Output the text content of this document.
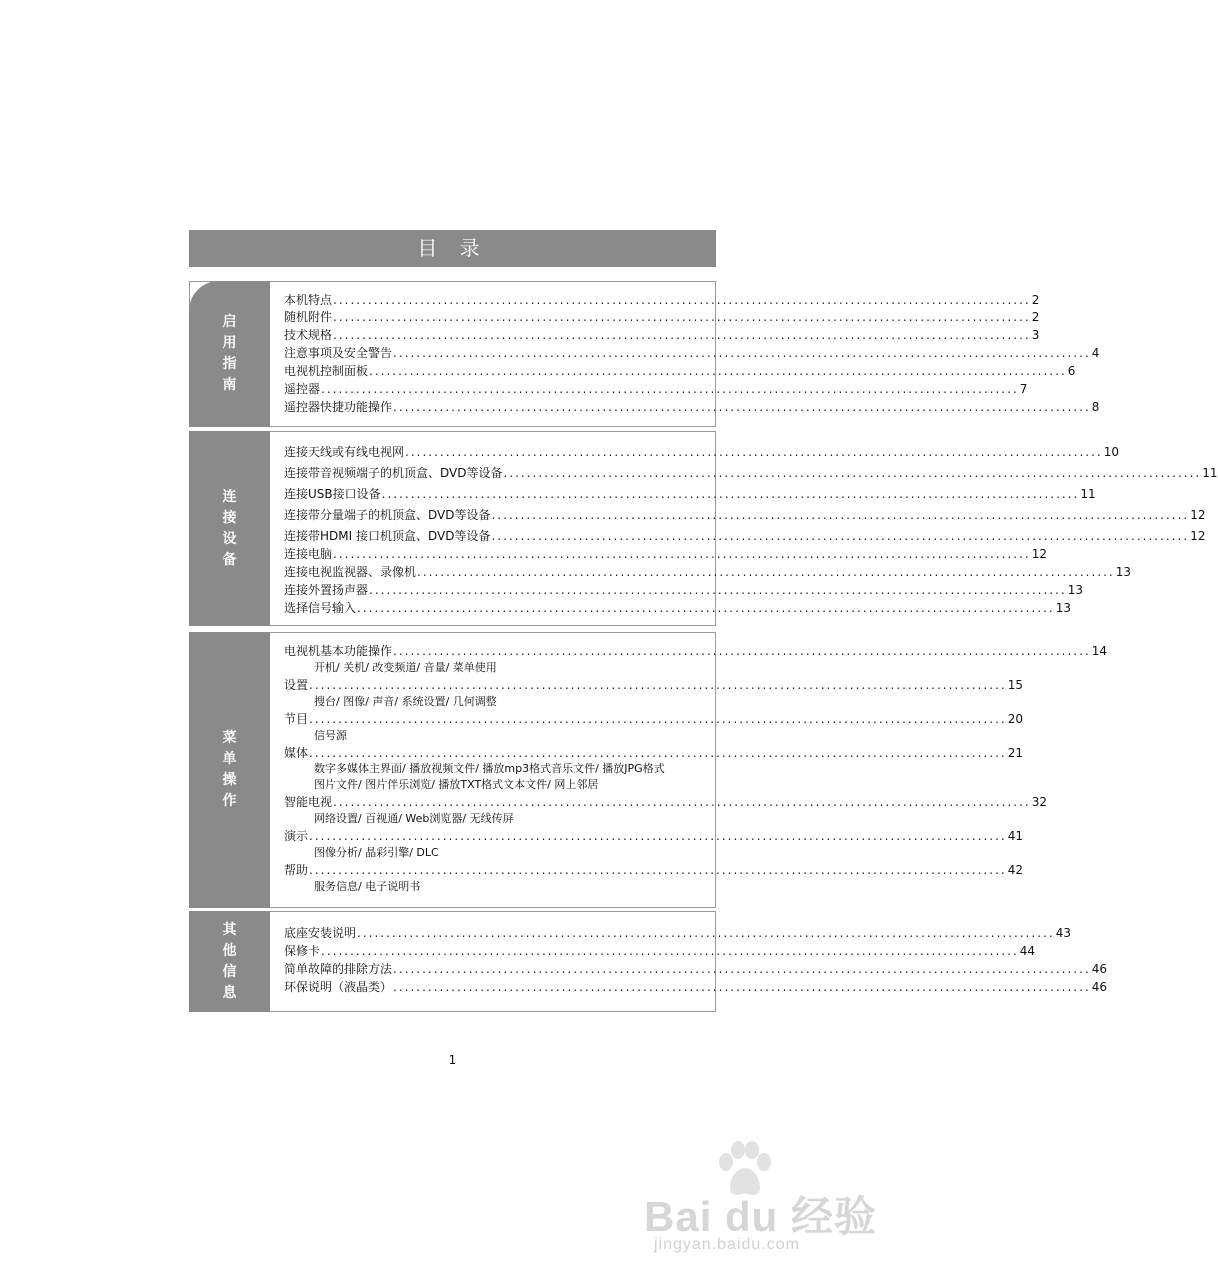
目 录
启用指南
本机特点 ........................................................................................................................ 2
随机附件 ........................................................................................................................ 2
技术规格 ........................................................................................................................ 3
注意事项及安全警告 ........................................................................................................................ 4
电视机控制面板 ........................................................................................................................ 6
遥控器 ........................................................................................................................ 7
遥控器快捷功能操作 ........................................................................................................................ 8
连接设备
连接天线或有线电视网 ........................................................................................................................ 10
连接带音视频端子的机顶盒、DVD等设备 ........................................................................................................................ 11
连接USB接口设备 ........................................................................................................................ 11
连接带分量端子的机顶盒、DVD等设备 ........................................................................................................................ 12
连接带HDMI 接口机顶盒、DVD等设备 ........................................................................................................................ 12
连接电脑 ........................................................................................................................ 12
连接电视监视器、录像机 ........................................................................................................................ 13
连接外置扬声器 ........................................................................................................................ 13
选择信号输入 ........................................................................................................................ 13
菜单操作
电视机基本功能操作 ........................................................................................................................ 14
开机/ 关机/ 改变频道/ 音量/ 菜单使用
设置 ........................................................................................................................ 15
搜台/ 图像/ 声音/ 系统设置/ 几何调整
节目 ........................................................................................................................ 20
信号源
媒体 ........................................................................................................................ 21
数字多媒体主界面/ 播放视频文件/ 播放mp3格式音乐文件/ 播放JPG格式
图片文件/ 图片伴乐浏览/ 播放TXT格式文本文件/ 网上邻居
智能电视 ........................................................................................................................ 32
网络设置/ 百视通/ Web浏览器/ 无线传屏
演示 ........................................................................................................................ 41
图像分析/ 晶彩引擎/ DLC
帮助 ........................................................................................................................ 42
服务信息/ 电子说明书
其他信息
底座安装说明 ........................................................................................................................ 43
保修卡 ........................................................................................................................ 44
简单故障的排除方法 ........................................................................................................................ 46
环保说明（液晶类） ........................................................................................................................ 46
1
Bai du 经验
jingyan.baidu.com
